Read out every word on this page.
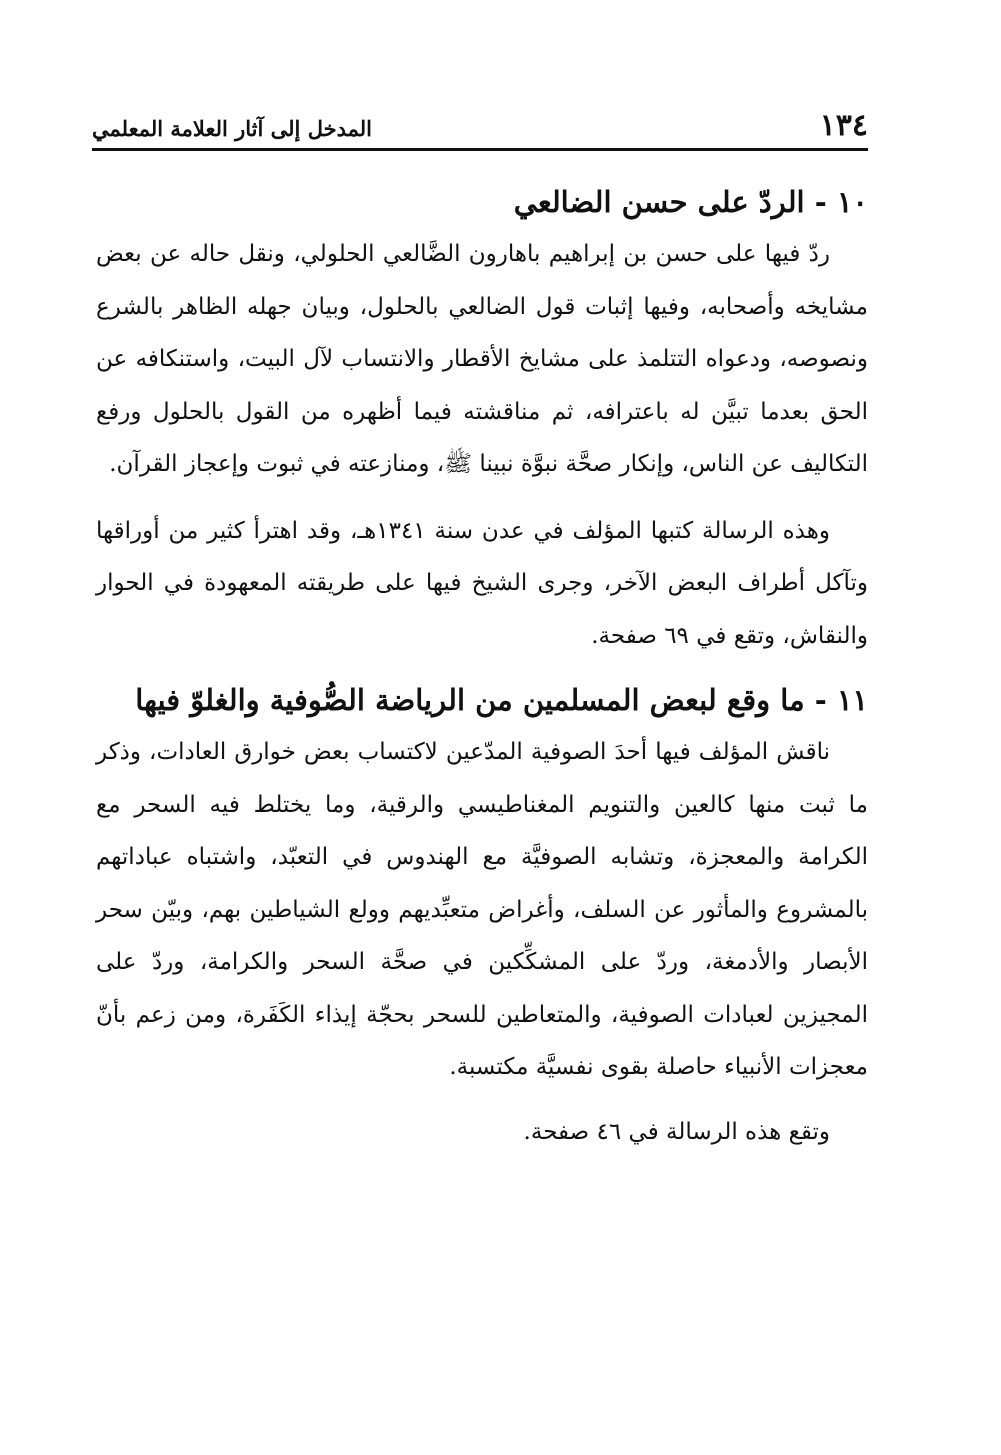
١٣٤
المدخل إلى آثار العلامة المعلمي
١٠ - الردّ على حسن الضالعي

ردّ فيها على حسن بن إبراهيم باهارون الضَّالعي الحلولي، ونقل حاله عن بعض مشايخه وأصحابه، وفيها إثبات قول الضالعي بالحلول، وبيان جهله الظاهر بالشرع ونصوصه، ودعواه التتلمذ على مشايخ الأقطار والانتساب لآل البيت، واستنكافه عن الحق بعدما تبيَّن له باعترافه، ثم مناقشته فيما أظهره من القول بالحلول ورفع التكاليف عن الناس، وإنكار صحَّة نبوَّة نبينا ﷺ، ومنازعته في ثبوت وإعجاز القرآن.

وهذه الرسالة كتبها المؤلف في عدن سنة ١٣٤١هـ، وقد اهترأ كثير من أوراقها وتآكل أطراف البعض الآخر، وجرى الشيخ فيها على طريقته المعهودة في الحوار والنقاش، وتقع في ٦٩ صفحة.

١١ - ما وقع لبعض المسلمين من الرياضة الصُّوفية والغلوّ فيها

ناقش المؤلف فيها أحدَ الصوفية المدّعين لاكتساب بعض خوارق العادات، وذكر ما ثبت منها كالعين والتنويم المغناطيسي والرقية، وما يختلط فيه السحر مع الكرامة والمعجزة، وتشابه الصوفيَّة مع الهندوس في التعبّد، واشتباه عباداتهم بالمشروع والمأثور عن السلف، وأغراض متعبِّديهم وولع الشياطين بهم، وبيّن سحر الأبصار والأدمغة، وردّ على المشكِّكين في صحَّة السحر والكرامة، وردّ على المجيزين لعبادات الصوفية، والمتعاطين للسحر بحجّة إيذاء الكَفَرة، ومن زعم بأنّ معجزات الأنبياء حاصلة بقوى نفسيَّة مكتسبة.

وتقع هذه الرسالة في ٤٦ صفحة.
